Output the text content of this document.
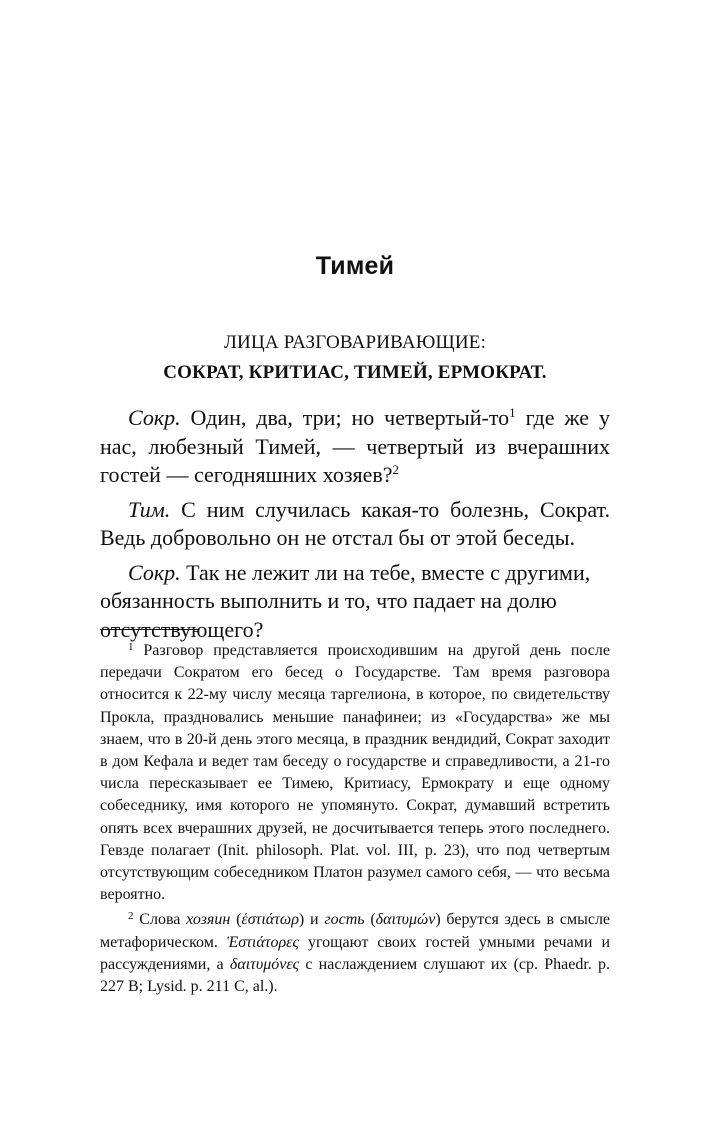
Тимей
ЛИЦА РАЗГОВАРИВАЮЩИЕ:
СОКРАТ, КРИТИАС, ТИМЕЙ, ЕРМОКРАТ.

Сокр. Один, два, три; но четвертый-то$^1$ где же у нас, любезный Тимей, — четвертый из вчерашних гостей — сегодняшних хозяев?$^2$

Тим. С ним случилась какая-то болезнь, Сократ. Ведь добровольно он не отстал бы от этой беседы.

Сокр. Так не лежит ли на тебе, вместе с другими, обязанность выполнить и то, что падает на долю отсутствующего?

$^1$ Разговор представляется происходившим на другой день после передачи Сократом его бесед о Государстве. Там время разговора относится к 22-му числу месяца таргелиона, в которое, по свидетельству Прокла, праздновались меньшие панафинеи; из «Государства» же мы знаем, что в 20-й день этого месяца, в праздник вендидий, Сократ заходит в дом Кефала и ведет там беседу о государстве и справедливости, а 21-го числа пересказывает ее Тимею, Критиасу, Ермократу и еще одному собеседнику, имя которого не упомянуто. Сократ, думавший встретить опять всех вчерашних друзей, не досчитывается теперь этого последнего. Гевзде полагает (Init. philosoph. Plat. vol. III, p. 23), что под четвертым отсутствующим собеседником Платон разумел самого себя, — что весьма вероятно.

$^2$ Слова хозяин (ἑστιάτωρ) и гость (δαιτυμών) берутся здесь в смысле метафорическом. Ἑστιάτορες угощают своих гостей умными речами и рассуждениями, а δαιτυμόνες с наслаждением слушают их (ср. Phaedr. p. 227 B; Lysid. p. 211 C, al.).
